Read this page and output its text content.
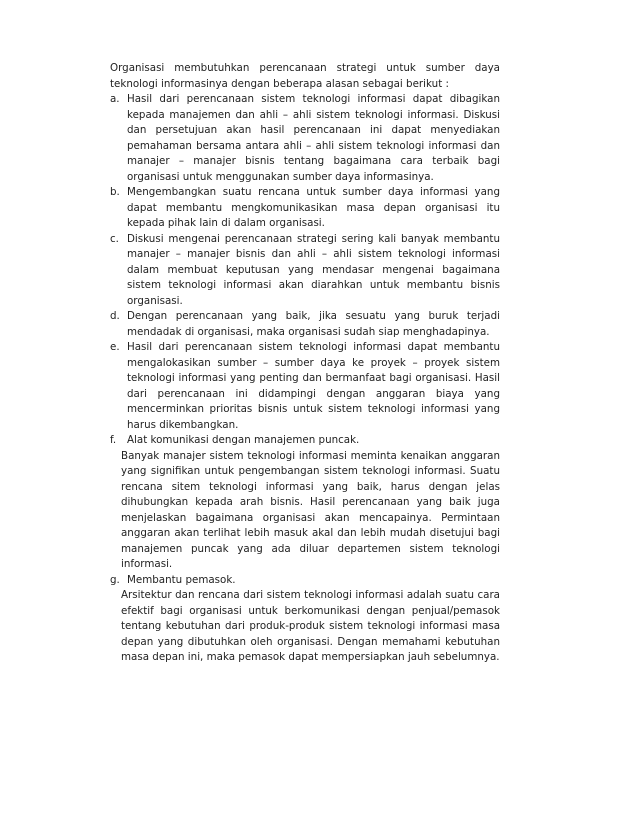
Organisasi membutuhkan perencanaan strategi untuk sumber daya teknologi informasinya dengan beberapa alasan sebagai berikut :

a. Hasil dari perencanaan sistem teknologi informasi dapat dibagikan kepada manajemen dan ahli – ahli sistem teknologi informasi. Diskusi dan persetujuan akan hasil perencanaan ini dapat menyediakan pemahaman bersama antara ahli – ahli sistem teknologi informasi dan manajer – manajer bisnis tentang bagaimana cara terbaik bagi organisasi untuk menggunakan sumber daya informasinya.
b. Mengembangkan suatu rencana untuk sumber daya informasi yang dapat membantu mengkomunikasikan masa depan organisasi itu kepada pihak lain di dalam organisasi.
c. Diskusi mengenai perencanaan strategi sering kali banyak membantu manajer – manajer bisnis dan ahli – ahli sistem teknologi informasi dalam membuat keputusan yang mendasar mengenai bagaimana sistem teknologi informasi akan diarahkan untuk membantu bisnis organisasi.
d. Dengan perencanaan yang baik, jika sesuatu yang buruk terjadi mendadak di organisasi, maka organisasi sudah siap menghadapinya.
e. Hasil dari perencanaan sistem teknologi informasi dapat membantu mengalokasikan sumber – sumber daya ke proyek – proyek sistem teknologi informasi yang penting dan bermanfaat bagi organisasi. Hasil dari perencanaan ini didampingi dengan anggaran biaya yang mencerminkan prioritas bisnis untuk sistem teknologi informasi yang harus dikembangkan.
f. Alat komunikasi dengan manajemen puncak.
Banyak manajer sistem teknologi informasi meminta kenaikan anggaran yang signifikan untuk pengembangan sistem teknologi informasi. Suatu rencana sitem teknologi informasi yang baik, harus dengan jelas dihubungkan kepada arah bisnis. Hasil perencanaan yang baik juga menjelaskan bagaimana organisasi akan mencapainya. Permintaan anggaran akan terlihat lebih masuk akal dan lebih mudah disetujui bagi manajemen puncak yang ada diluar departemen sistem teknologi informasi.
g. Membantu pemasok.
Arsitektur dan rencana dari sistem teknologi informasi adalah suatu cara efektif bagi organisasi untuk berkomunikasi dengan penjual/pemasok tentang kebutuhan dari produk-produk sistem teknologi informasi masa depan yang dibutuhkan oleh organisasi. Dengan memahami kebutuhan masa depan ini, maka pemasok dapat mempersiapkan jauh sebelumnya.
